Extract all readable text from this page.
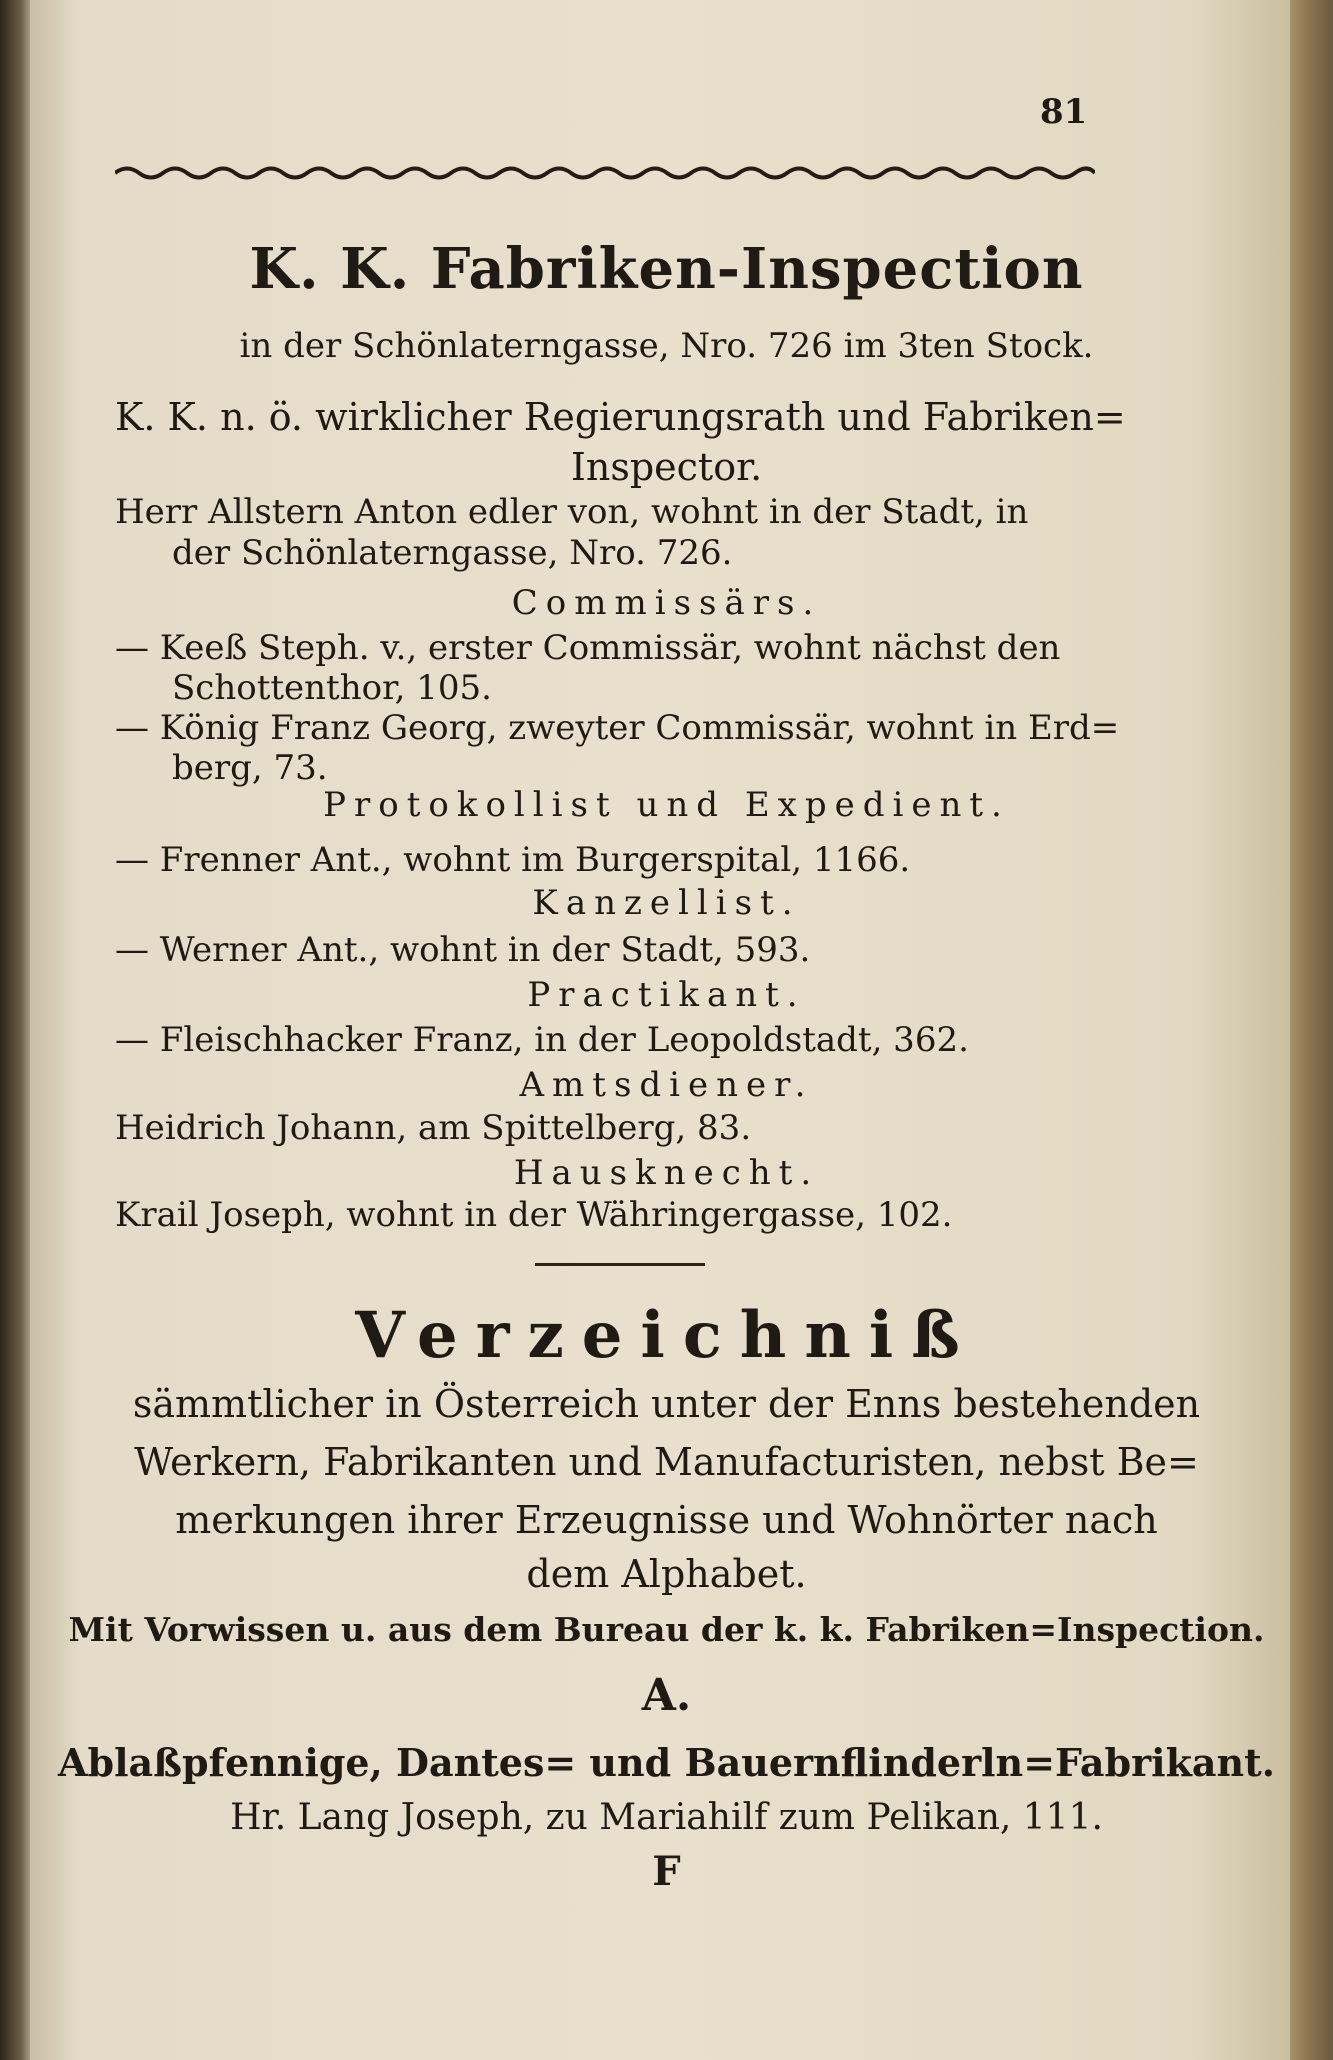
81
K. K. Fabriken-Inspection
in der Schönlaterngasse, Nro. 726 im 3ten Stock.
K. K. n. ö. wirklicher Regierungsrath und Fabriken=
Inspector.
Herr Allstern Anton edler von, wohnt in der Stadt, in
der Schönlaterngasse, Nro. 726.
Commissärs.
— Keeß Steph. v., erster Commissär, wohnt nächst den
Schottenthor, 105.
— König Franz Georg, zweyter Commissär, wohnt in Erd=
berg, 73.
Protokollist und Expedient.
— Frenner Ant., wohnt im Burgerspital, 1166.
Kanzellist.
— Werner Ant., wohnt in der Stadt, 593.
Practikant.
— Fleischhacker Franz, in der Leopoldstadt, 362.
Amtsdiener.
Heidrich Johann, am Spittelberg, 83.
Hausknecht.
Krail Joseph, wohnt in der Währingergasse, 102.
Verzeichniß
sämmtlicher in Österreich unter der Enns bestehenden
Werkern, Fabrikanten und Manufacturisten, nebst Be=
merkungen ihrer Erzeugnisse und Wohnörter nach
dem Alphabet.
Mit Vorwissen u. aus dem Bureau der k. k. Fabriken=Inspection.
A.
Ablaßpfennige, Dantes= und Bauernflinderln=Fabrikant.
Hr. Lang Joseph, zu Mariahilf zum Pelikan, 111.
F
